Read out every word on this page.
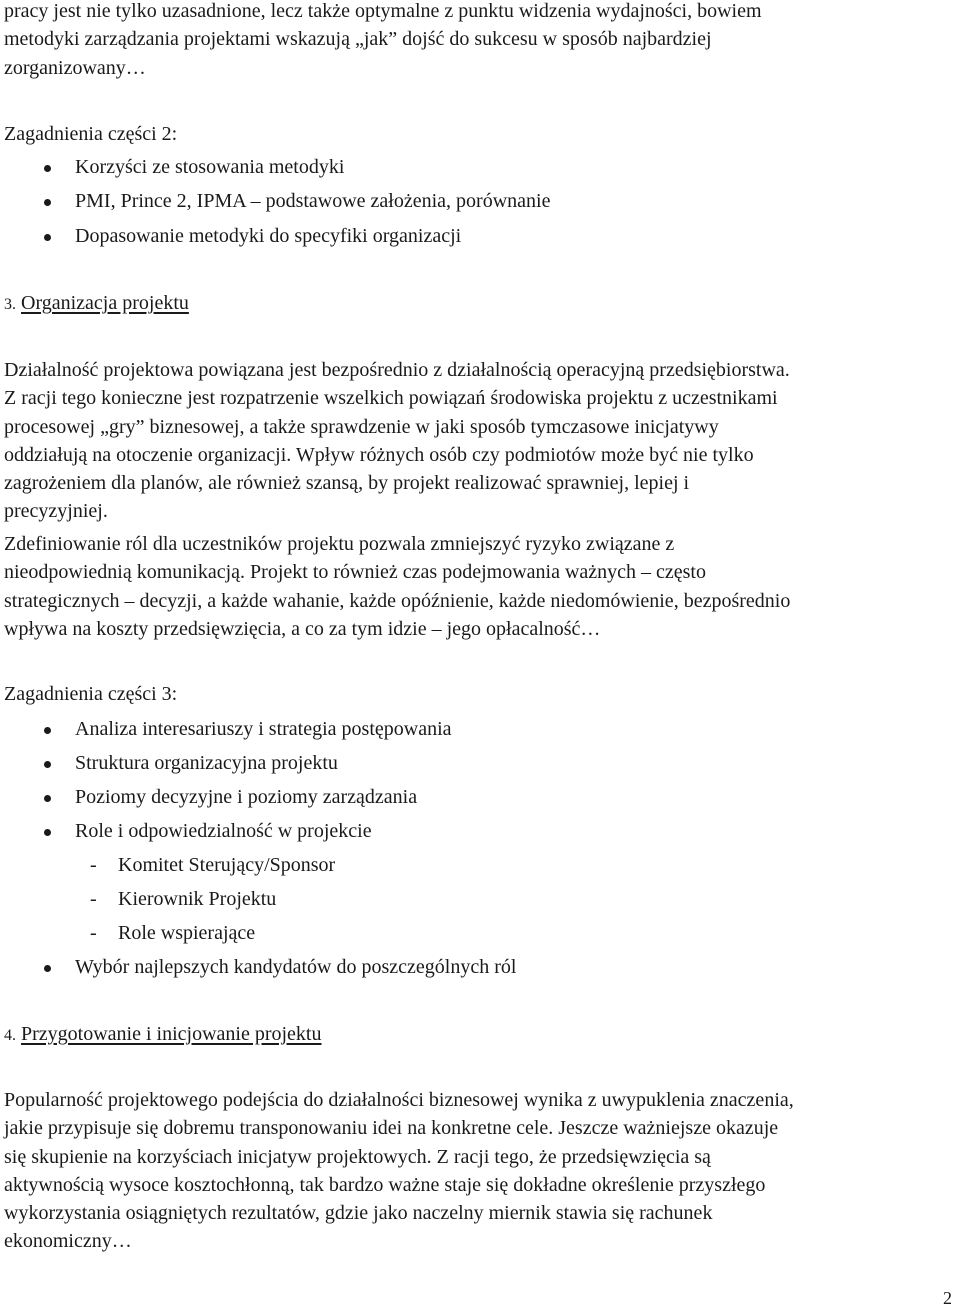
pracy jest nie tylko uzasadnione, lecz także optymalne z punktu widzenia wydajności, bowiem
metodyki zarządzania projektami wskazują „jak” dojść do sukcesu w sposób najbardziej
zorganizowany…

Zagadnienia części 2:

Korzyści ze stosowania metodyki
PMI, Prince 2, IPMA – podstawowe założenia, porównanie
Dopasowanie metodyki do specyfiki organizacji

3. Organizacja projektu

Działalność projektowa powiązana jest bezpośrednio z działalnością operacyjną przedsiębiorstwa.
Z racji tego konieczne jest rozpatrzenie wszelkich powiązań środowiska projektu z uczestnikami
procesowej „gry” biznesowej, a także sprawdzenie w jaki sposób tymczasowe inicjatywy
oddziałują na otoczenie organizacji. Wpływ różnych osób czy podmiotów może być nie tylko
zagrożeniem dla planów, ale również szansą, by projekt realizować sprawniej, lepiej i
precyzyjniej.

Zdefiniowanie ról dla uczestników projektu pozwala zmniejszyć ryzyko związane z
nieodpowiednią komunikacją. Projekt to również czas podejmowania ważnych – często
strategicznych – decyzji, a każde wahanie, każde opóźnienie, każde niedomówienie, bezpośrednio
wpływa na koszty przedsięwzięcia, a co za tym idzie – jego opłacalność…

Zagadnienia części 3:

Analiza interesariuszy i strategia postępowania
Struktura organizacyjna projektu
Poziomy decyzyjne i poziomy zarządzania
Role i odpowiedzialność w projekcie
- Komitet Sterujący/Sponsor
- Kierownik Projektu
- Role wspierające
Wybór najlepszych kandydatów do poszczególnych ról

4. Przygotowanie i inicjowanie projektu

Popularność projektowego podejścia do działalności biznesowej wynika z uwypuklenia znaczenia,
jakie przypisuje się dobremu transponowaniu idei na konkretne cele. Jeszcze ważniejsze okazuje
się skupienie na korzyściach inicjatyw projektowych. Z racji tego, że przedsięwzięcia są
aktywnością wysoce kosztochłonną, tak bardzo ważne staje się dokładne określenie przyszłego
wykorzystania osiągniętych rezultatów, gdzie jako naczelny miernik stawia się rachunek
ekonomiczny…

2
